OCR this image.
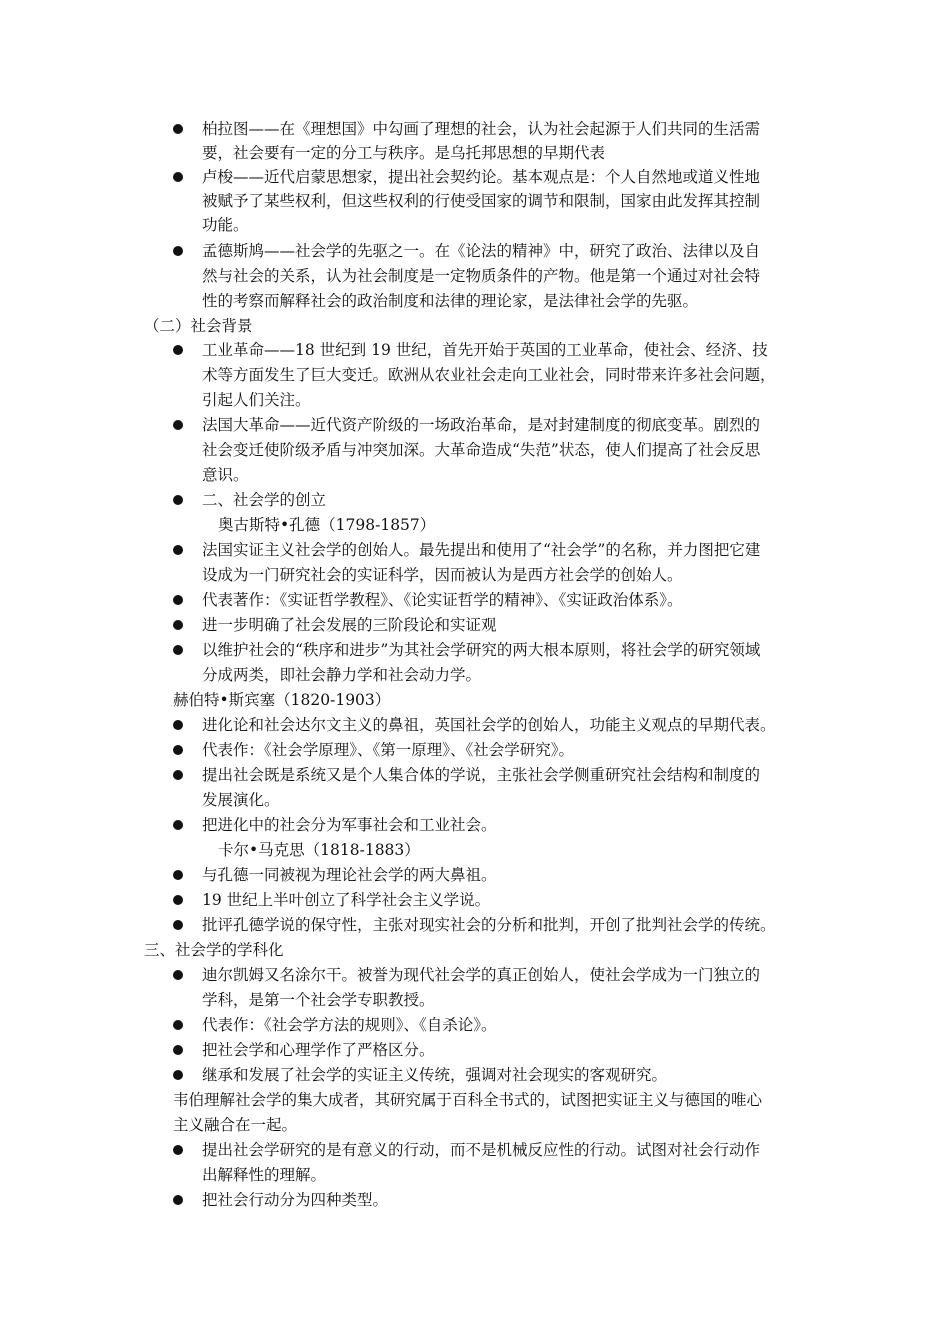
柏拉图——在《理想国》中勾画了理想的社会，认为社会起源于人们共同的生活需
要，社会要有一定的分工与秩序。是乌托邦思想的早期代表
卢梭——近代启蒙思想家，提出社会契约论。基本观点是：个人自然地或道义性地
被赋予了某些权利，但这些权利的行使受国家的调节和限制，国家由此发挥其控制
功能。
孟德斯鸠——社会学的先驱之一。在《论法的精神》中，研究了政治、法律以及自
然与社会的关系，认为社会制度是一定物质条件的产物。他是第一个通过对社会特
性的考察而解释社会的政治制度和法律的理论家，是法律社会学的先驱。
（二）社会背景
工业革命——18 世纪到 19 世纪，首先开始于英国的工业革命，使社会、经济、技
术等方面发生了巨大变迁。欧洲从农业社会走向工业社会，同时带来许多社会问题，
引起人们关注。
法国大革命——近代资产阶级的一场政治革命，是对封建制度的彻底变革。剧烈的
社会变迁使阶级矛盾与冲突加深。大革命造成“失范”状态，使人们提高了社会反思
意识。
二、社会学的创立
奥古斯特•孔德（1798-1857）
法国实证主义社会学的创始人。最先提出和使用了“社会学”的名称，并力图把它建
设成为一门研究社会的实证科学，因而被认为是西方社会学的创始人。
代表著作：《实证哲学教程》、《论实证哲学的精神》、《实证政治体系》。
进一步明确了社会发展的三阶段论和实证观
以维护社会的“秩序和进步”为其社会学研究的两大根本原则，将社会学的研究领域
分成两类，即社会静力学和社会动力学。
赫伯特•斯宾塞（1820-1903）
进化论和社会达尔文主义的鼻祖，英国社会学的创始人，功能主义观点的早期代表。
代表作：《社会学原理》、《第一原理》、《社会学研究》。
提出社会既是系统又是个人集合体的学说，主张社会学侧重研究社会结构和制度的
发展演化。
把进化中的社会分为军事社会和工业社会。
卡尔•马克思（1818-1883）
与孔德一同被视为理论社会学的两大鼻祖。
19 世纪上半叶创立了科学社会主义学说。
批评孔德学说的保守性，主张对现实社会的分析和批判，开创了批判社会学的传统。
三、社会学的学科化
迪尔凯姆又名涂尔干。被誉为现代社会学的真正创始人，使社会学成为一门独立的
学科，是第一个社会学专职教授。
代表作：《社会学方法的规则》、《自杀论》。
把社会学和心理学作了严格区分。
继承和发展了社会学的实证主义传统，强调对社会现实的客观研究。
韦伯理解社会学的集大成者，其研究属于百科全书式的，试图把实证主义与德国的唯心
主义融合在一起。
提出社会学研究的是有意义的行动，而不是机械反应性的行动。试图对社会行动作
出解释性的理解。
把社会行动分为四种类型。
